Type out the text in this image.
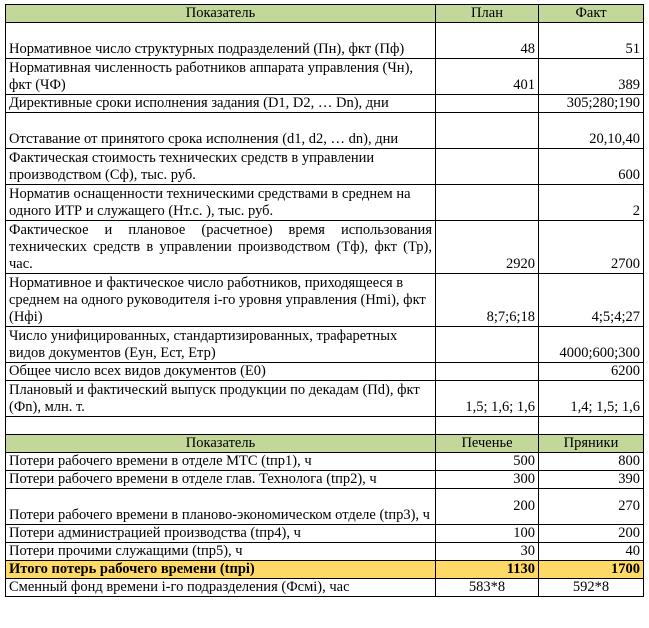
Показатель	План	Факт
Нормативное число структурных подразделений (Пн), фкт (Пф)	48	51
Нормативная численность работников аппарата управления (Чн), фкт (ЧФ)	401	389
Директивные сроки исполнения задания (D1, D2, … Dn), дни		305;280;190
Отставание от принятого срока исполнения (d1, d2, … dn), дни		20,10,40
Фактическая стоимость технических средств в управлении производством (Сф), тыс. руб.		600
Норматив оснащенности техническими средствами в среднем на одного ИТР и служащего (Нт.с. ), тыс. руб.		2
Фактическое и плановое (расчетное) время использования технических средств в управлении производством (Тф), фкт (Тр), час.	2920	2700
Нормативное и фактическое число работников, приходящееся в среднем на одного руководителя i-го уровня управления (Hmi), фкт (Нфi)	8;7;6;18	4;5;4;27
Число унифицированных, стандартизированных, трафаретных видов документов (Еун, Ест, Етр)		4000;600;300
Общее число всех видов документов (Е0)		6200
Плановый и фактический выпуск продукции по декадам (Пd), фкт (Фn), млн. т.	1,5; 1,6; 1,6	1,4; 1,5; 1,6

Показатель	Печенье	Пряники
Потери рабочего времени в отделе МТС (tпр1), ч	500	800
Потери рабочего времени в отделе глав. Технолога (tпр2), ч	300	390
Потери рабочего времени в планово-экономическом отделе (tпр3), ч	200	270
Потери администрацией производства (tпр4), ч	100	200
Потери прочими служащими (tпр5), ч	30	40
Итого потерь рабочего времени (tпрi)	1130	1700
Сменный фонд времени i-го подразделения (Фсмi), час	583*8	592*8
